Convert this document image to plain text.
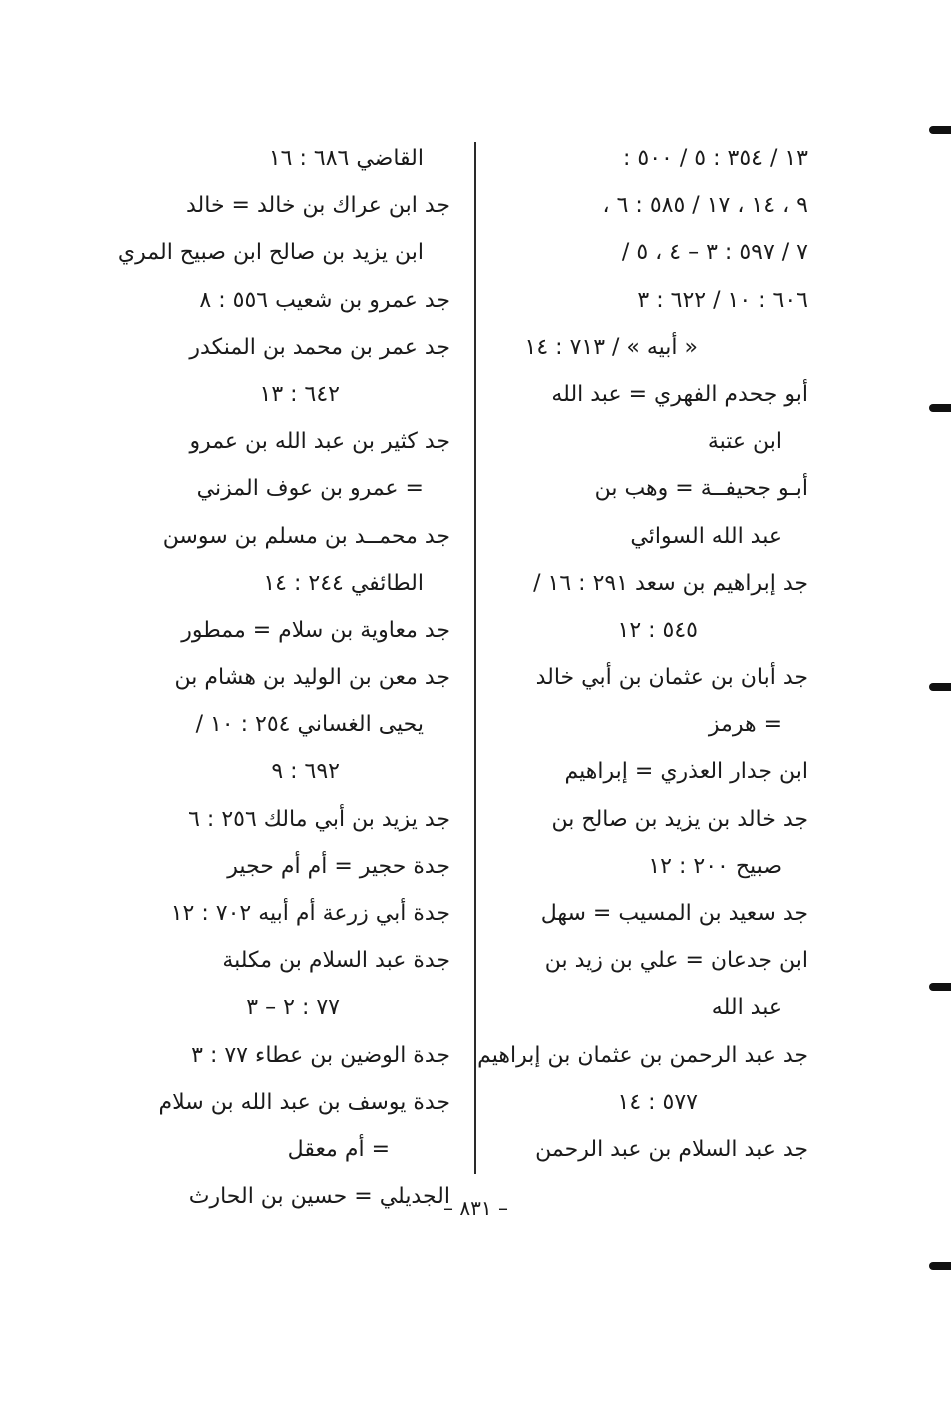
١٣ / ٣٥٤ : ٥ / ٥٠٠ :
٩ ، ١٤ ، ١٧ / ٥٨٥ : ٦ ،
٧ / ٥٩٧ : ٣ – ٤ ، ٥ /
٦٠٦ : ١٠ / ٦٢٢ : ٣
« أبيه » / ٧١٣ : ١٤
أبو جحدم الفهري = عبد الله
ابن عتبة
أبـو جحيفــة = وهب بن
عبد الله السوائي
جد إبراهيم بن سعد ٢٩١ : ١٦ /
٥٤٥ : ١٢
جد أبان بن عثمان بن أبي خالد
= هرمز
ابن جدار العذري = إبراهيم
جد خالد بن يزيد بن صالح بن
صبيح ٢٠٠ : ١٢
جد سعيد بن المسيب = سهل
ابن جدعان = علي بن زيد بن
عبد الله
جد عبد الرحمن بن عثمان بن إبراهيم
٥٧٧ : ١٤
جد عبد السلام بن عبد الرحمن
القاضي ٦٨٦ : ١٦
جد ابن عراك بن خالد = خالد
ابن يزيد بن صالح ابن صبيح المري
جد عمرو بن شعيب ٥٥٦ : ٨
جد عمر بن محمد بن المنكدر
٦٤٢ : ١٣
جد كثير بن عبد الله بن عمرو
= عمرو بن عوف المزني
جد محمــد بن مسلم بن سوسن
الطائفي ٢٤٤ : ١٤
جد معاوية بن سلام = ممطور
جد معن بن الوليد بن هشام بن
يحيى الغساني ٢٥٤ : ١٠ /
٦٩٢ : ٩
جد يزيد بن أبي مالك ٢٥٦ : ٦
جدة حجير = أم أم حجير
جدة أبي زرعة أم أبيه ٧٠٢ : ١٢
جدة عبد السلام بن مكلبة
٧٧ : ٢ – ٣
جدة الوضين بن عطاء ٧٧ : ٣
جدة يوسف بن عبد الله بن سلام
= أم معقل
الجديلي = حسين بن الحارث
– ٨٣١ –
